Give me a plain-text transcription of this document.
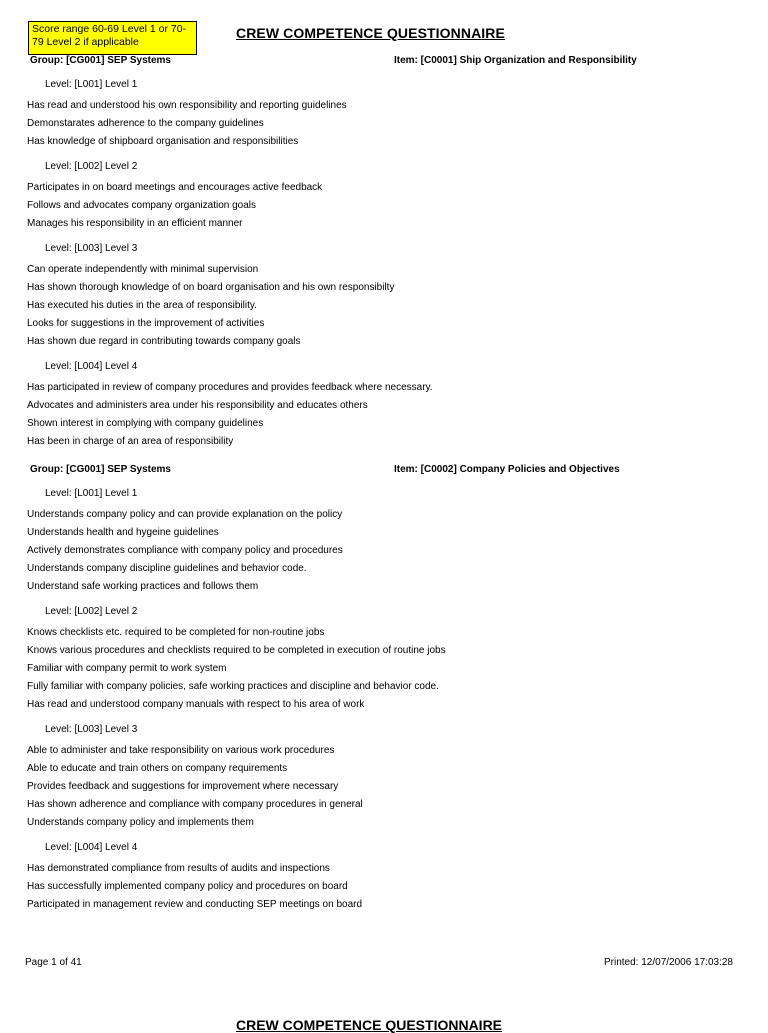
Score range 60-69 Level 1 or 70-79 Level 2 if applicable
CREW COMPETENCE QUESTIONNAIRE
Group: [CG001] SEP Systems	Item: [C0001] Ship Organization and Responsibility
Level: [L001] Level 1
Has read and understood his own responsibility and reporting guidelines
Demonstarates adherence to the company guidelines
Has knowledge of shipboard organisation and responsibilities
Level: [L002] Level 2
Participates in on board meetings and encourages active feedback
Follows and advocates company organization goals
Manages his responsibility in an efficient manner
Level: [L003] Level 3
Can operate independently with minimal supervision
Has shown thorough knowledge of on board organisation and his own responsibilty
Has executed his duties in the area of responsibility.
Looks for suggestions in the improvement of activities
Has shown due regard in contributing towards company goals
Level: [L004] Level 4
Has participated in review of company procedures and provides feedback where necessary.
Advocates and administers area under his responsibility and educates others
Shown interest in complying with company guidelines
Has been in charge of an area of responsibility
Group: [CG001] SEP Systems	Item: [C0002] Company Policies and Objectives
Level: [L001] Level 1
Understands company policy and can provide explanation on the policy
Understands health and hygeine guidelines
Actively demonstrates compliance with company policy and procedures
Understands company discipline guidelines and behavior code.
Understand safe working practices and follows them
Level: [L002] Level 2
Knows checklists etc. required to be completed for non-routine jobs
Knows various procedures and checklists required to be completed in execution of routine jobs
Familiar with company permit to work system
Fully familiar with company policies, safe working practices and discipline and behavior code.
Has read and understood company manuals with respect to his area of work
Level: [L003] Level 3
Able to administer and take responsibility on various work procedures
Able to educate and train others on company requirements
Provides feedback and suggestions for improvement where necessary
Has shown adherence and compliance with company procedures in general
Understands company policy and implements them
Level: [L004] Level 4
Has demonstrated compliance from results of audits and inspections
Has successfully implemented company policy and procedures on board
Participated in management review and conducting SEP meetings on board
Page 1 of 41	Printed: 12/07/2006 17:03:28
CREW COMPETENCE QUESTIONNAIRE
